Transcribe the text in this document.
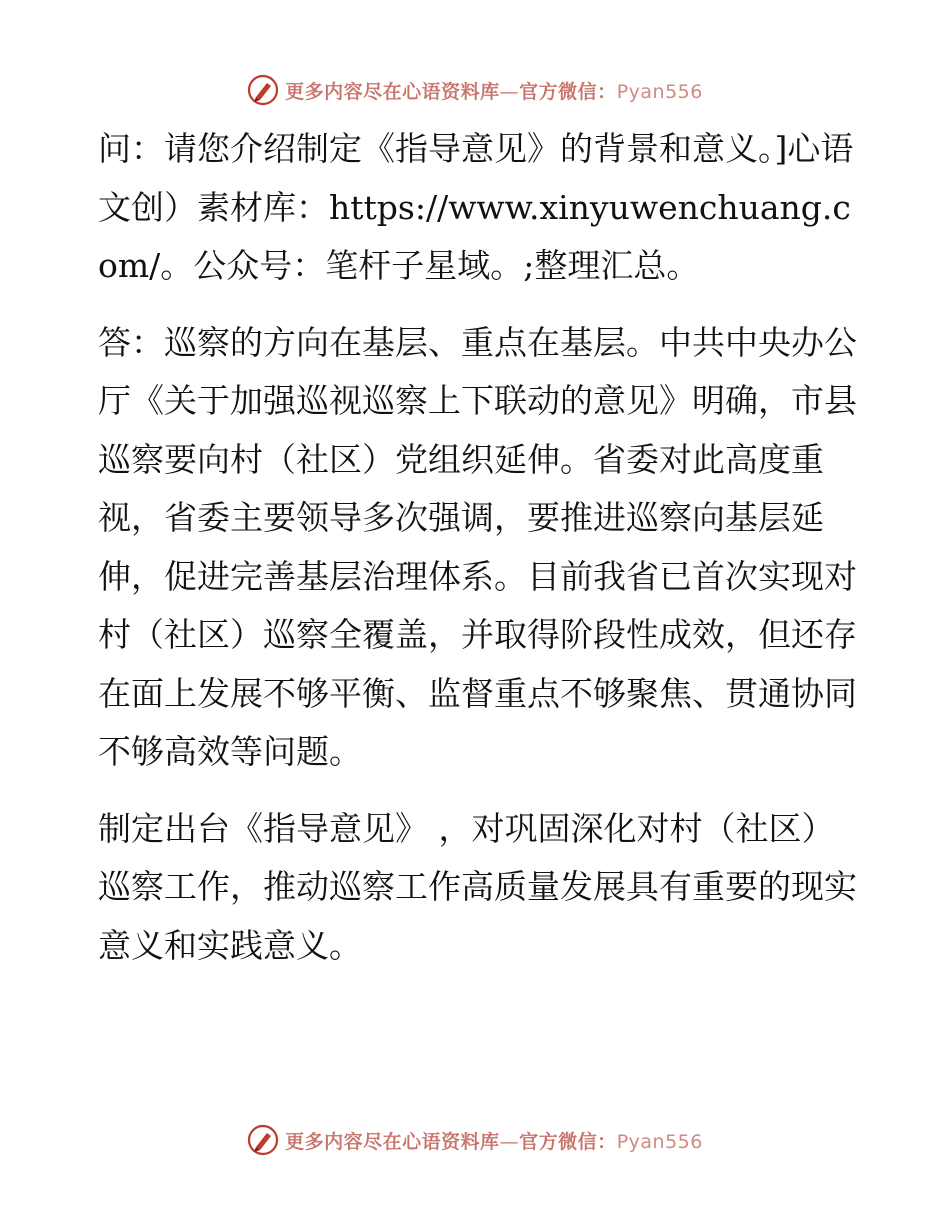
更多内容尽在心语资料库—官方微信：Pyan556

问：请您介绍制定《指导意见》的背景和意义。]心语文创）素材库：https://www.xinyuwenchuang.com/。公众号：笔杆子星域。;整理汇总。

答：巡察的方向在基层、重点在基层。中共中央办公厅《关于加强巡视巡察上下联动的意见》明确，市县巡察要向村（社区）党组织延伸。省委对此高度重视，省委主要领导多次强调，要推进巡察向基层延伸，促进完善基层治理体系。目前我省已首次实现对村（社区）巡察全覆盖，并取得阶段性成效，但还存在面上发展不够平衡、监督重点不够聚焦、贯通协同不够高效等问题。

制定出台《指导意见》 ，对巩固深化对村（社区）巡察工作，推动巡察工作高质量发展具有重要的现实意义和实践意义。

更多内容尽在心语资料库—官方微信：Pyan556
